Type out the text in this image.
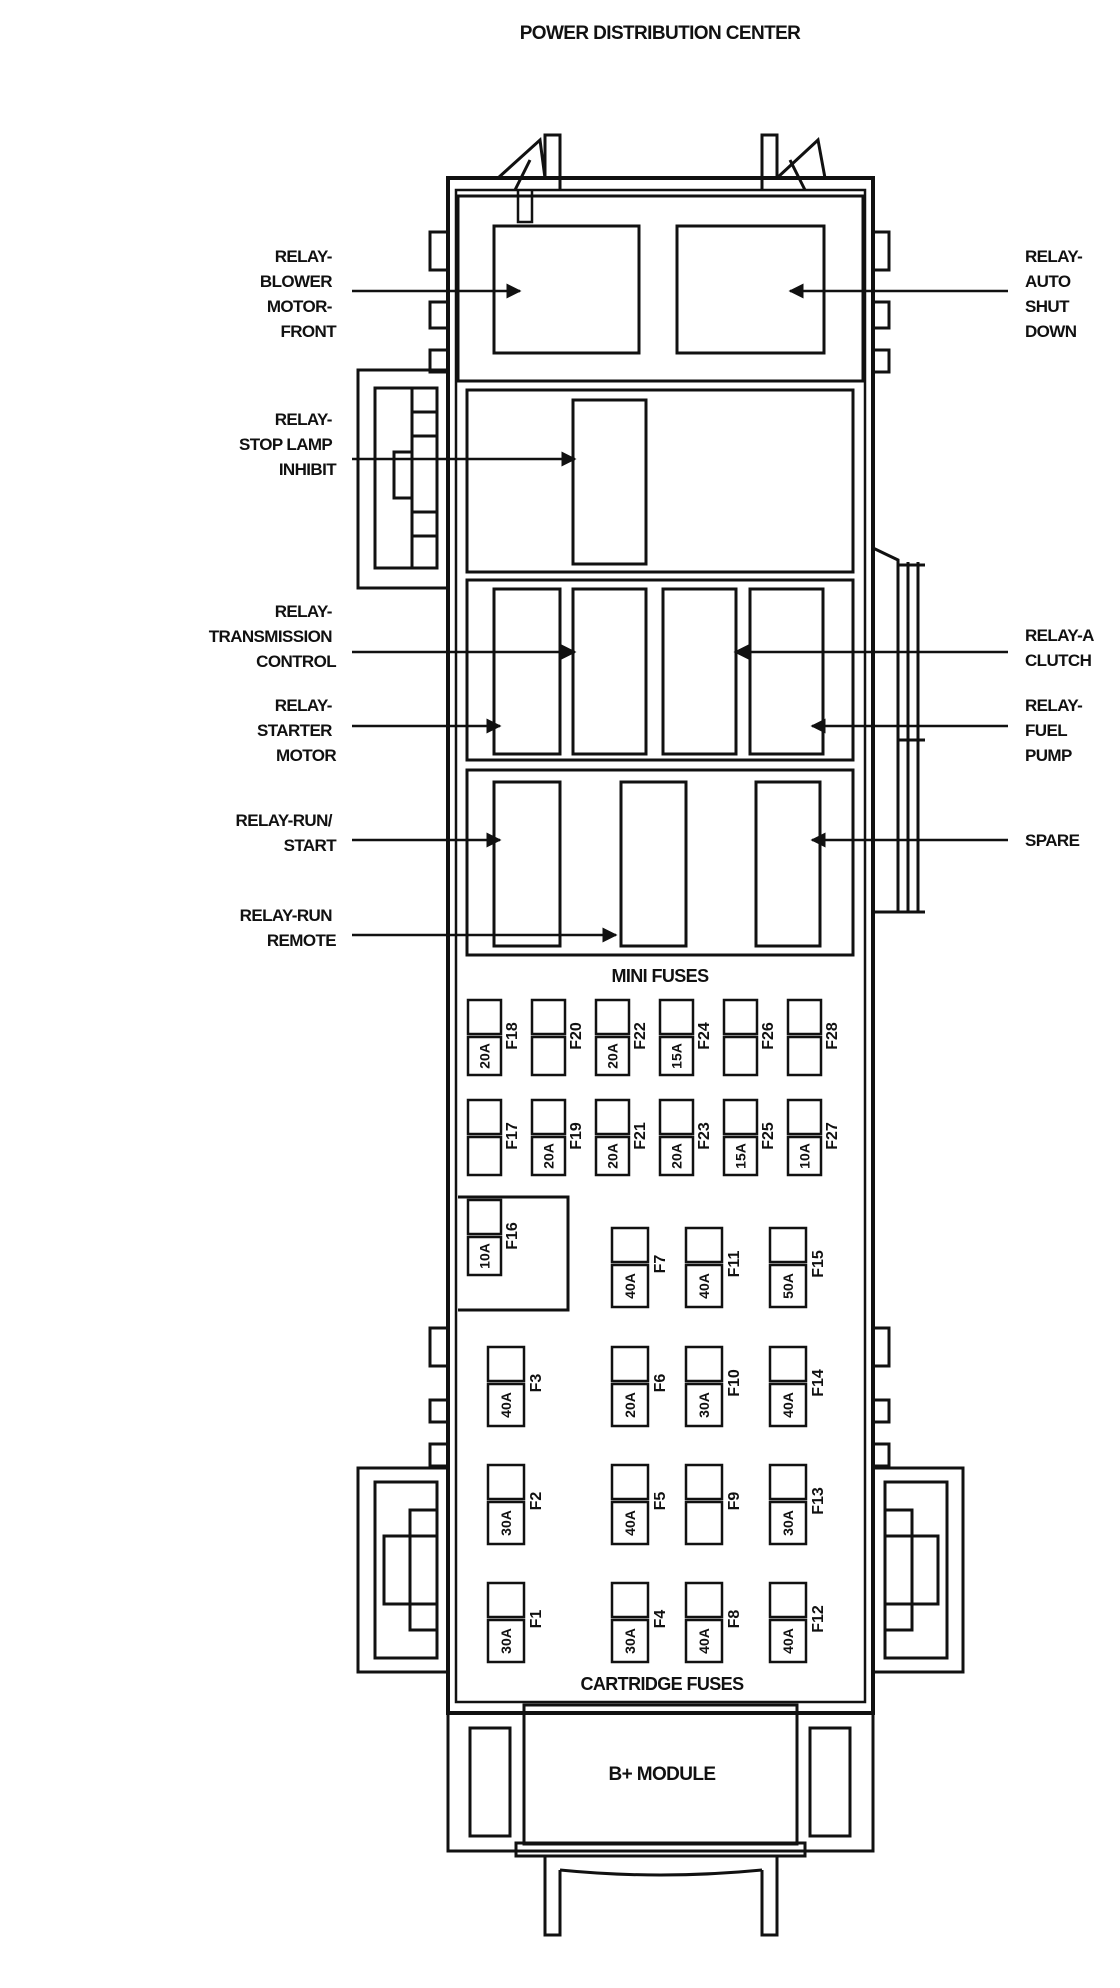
POWER DISTRIBUTION CENTER
MINI FUSES
10A
F16
F17
20A
F18
20A
F19
F20
20A
F21
20A
F22
20A
F23
15A
F24
15A
F25
F26
10A
F27
F28
30A
F1
30A
F2
40A
F3
30A
F4
40A
F5
20A
F6
40A
F7
40A
F8
F9
30A
F10
40A
F11
40A
F12
30A
F13
40A
F14
50A
F15
CARTRIDGE FUSES
B+ MODULE
RELAY- BLOWER MOTOR- FRONT
RELAY- AUTO SHUT DOWN
RELAY- STOP LAMP INHIBIT
RELAY- TRANSMISSION CONTROL
RELAY-A CLUTCH
RELAY- STARTER MOTOR
RELAY- FUEL PUMP
RELAY-RUN/ START	SPARE
RELAY-RUN REMOTE
